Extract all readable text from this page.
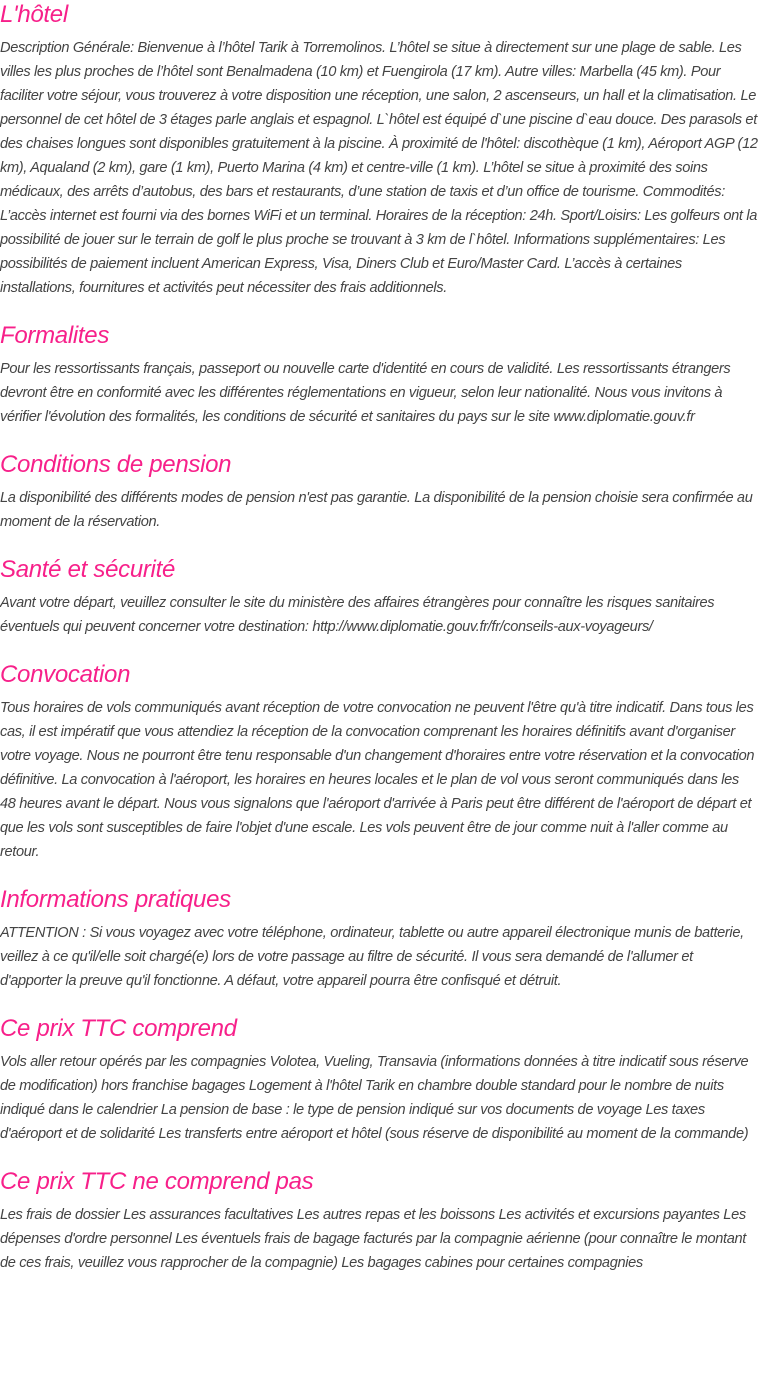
L'hôtel

Description Générale: Bienvenue à l’hôtel Tarik à Torremolinos. L’hôtel se situe à directement sur une plage de sable. Les villes les plus proches de l’hôtel sont Benalmadena (10 km) et Fuengirola (17 km). Autre villes: Marbella (45 km). Pour faciliter votre séjour, vous trouverez à votre disposition une réception, une salon, 2 ascenseurs, un hall et la climatisation. Le personnel de cet hôtel de 3 étages parle anglais et espagnol. L`hôtel est équipé d`une piscine d`eau douce. Des parasols et des chaises longues sont disponibles gratuitement à la piscine. À proximité de l'hôtel: discothèque (1 km), Aéroport AGP (12 km), Aqualand (2 km), gare (1 km), Puerto Marina (4 km) et centre-ville (1 km). L’hôtel se situe à proximité des soins médicaux, des arrêts d’autobus, des bars et restaurants, d’une station de taxis et d’un office de tourisme. Commodités: L’accès internet est fourni via des bornes WiFi et un terminal. Horaires de la réception: 24h. Sport/Loisirs: Les golfeurs ont la possibilité de jouer sur le terrain de golf le plus proche se trouvant à 3 km de l`hôtel. Informations supplémentaires: Les possibilités de paiement incluent American Express, Visa, Diners Club et Euro/Master Card. L’accès à certaines installations, fournitures et activités peut nécessiter des frais additionnels.

Formalites

Pour les ressortissants français, passeport ou nouvelle carte d'identité en cours de validité. Les ressortissants étrangers devront être en conformité avec les différentes réglementations en vigueur, selon leur nationalité. Nous vous invitons à vérifier l'évolution des formalités, les conditions de sécurité et sanitaires du pays sur le site www.diplomatie.gouv.fr

Conditions de pension

La disponibilité des différents modes de pension n'est pas garantie. La disponibilité de la pension choisie sera confirmée au moment de la réservation.

Santé et sécurité

Avant votre départ, veuillez consulter le site du ministère des affaires étrangères pour connaître les risques sanitaires éventuels qui peuvent concerner votre destination: http://www.diplomatie.gouv.fr/fr/conseils-aux-voyageurs/

Convocation

Tous horaires de vols communiqués avant réception de votre convocation ne peuvent l'être qu'à titre indicatif. Dans tous les cas, il est impératif que vous attendiez la réception de la convocation comprenant les horaires définitifs avant d'organiser votre voyage. Nous ne pourront être tenu responsable d'un changement d'horaires entre votre réservation et la convocation définitive. La convocation à l'aéroport, les horaires en heures locales et le plan de vol vous seront communiqués dans les 48 heures avant le départ. Nous vous signalons que l'aéroport d'arrivée à Paris peut être différent de l'aéroport de départ et que les vols sont susceptibles de faire l'objet d'une escale. Les vols peuvent être de jour comme nuit à l'aller comme au retour.

Informations pratiques

ATTENTION : Si vous voyagez avec votre téléphone, ordinateur, tablette ou autre appareil électronique munis de batterie, veillez à ce qu'il/elle soit chargé(e) lors de votre passage au filtre de sécurité. Il vous sera demandé de l'allumer et d'apporter la preuve qu'il fonctionne. A défaut, votre appareil pourra être confisqué et détruit.

Ce prix TTC comprend

Vols aller retour opérés par les compagnies Volotea, Vueling, Transavia (informations données à titre indicatif sous réserve de modification) hors franchise bagages Logement à l'hôtel Tarik en chambre double standard pour le nombre de nuits indiqué dans le calendrier La pension de base : le type de pension indiqué sur vos documents de voyage Les taxes d'aéroport et de solidarité Les transferts entre aéroport et hôtel (sous réserve de disponibilité au moment de la commande)

Ce prix TTC ne comprend pas

Les frais de dossier Les assurances facultatives Les autres repas et les boissons Les activités et excursions payantes Les dépenses d'ordre personnel Les éventuels frais de bagage facturés par la compagnie aérienne (pour connaître le montant de ces frais, veuillez vous rapprocher de la compagnie) Les bagages cabines pour certaines compagnies
